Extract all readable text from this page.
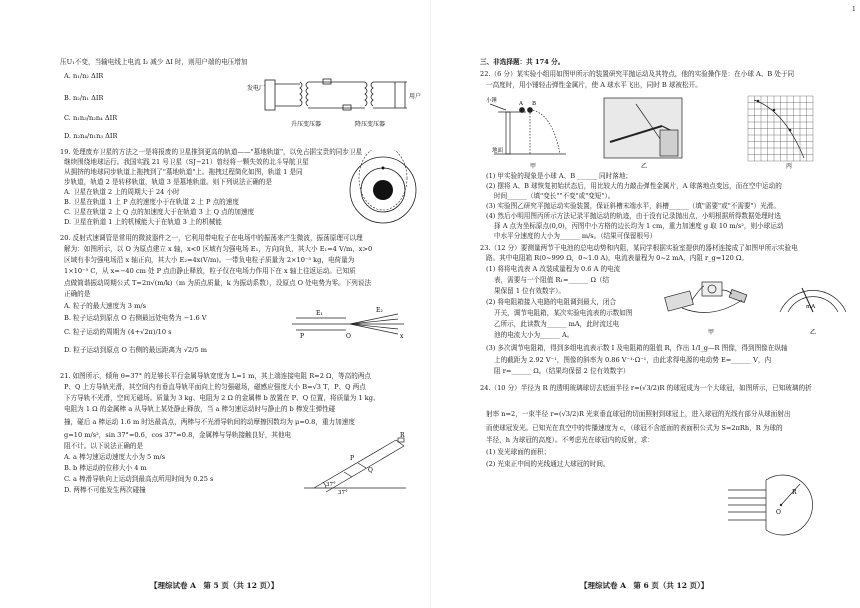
1
压U₁不变，当输电线上电流 I₂ 减少 ΔI 时，则用户端的电压增加
A. n₁/n₂ ΔIR
B. n₂/n₁ ΔIR
C. n₁n₃/n₂n₄ ΔIR
D. n₂n₄/n₁n₃ ΔIR
发电厂
升压变压器	降压变压器
用户
19. 处理废弃卫星的方法之一是将报废的卫星推到更高的轨道——"墓地轨道"，以免占据宝贵的同步卫星
继续围绕地球运行。我国实践 21 号卫星（SJ−21）曾经将一颗失效的北斗导航卫星
从拥挤的地球同步轨道上拖拽到了"墓地轨道"上。拖拽过程简化如图，轨道 1 是同
步轨道，轨道 2 是转移轨道，轨道 3 是墓地轨道。则下列说法正确的是
A. 卫星在轨道 2 上的周期大于 24 小时
B. 卫星在轨道 1 上 P 点的速度小于在轨道 2 上 P 点的速度
C. 卫星在轨道 2 上 Q 点的加速度大于在轨道 3 上 Q 点的加速度
D. 卫星在轨道 1 上的机械能大于在轨道 3 上的机械能
20. 反射式速调管是常用的微波器件之一，它利用带电粒子在电场中的振荡来产生微波，振荡原理可以理
解为：如图所示，以 O 为原点建立 x 轴，x<0 区域有匀强电场 E₁，方向向负，其大小 E₁=4 V/m，x>0
区域有非匀强电场沿 x 轴正向，其大小 E₂=4x(V/m)。一带负电粒子质量为 2×10⁻³ kg，电荷量为
1×10⁻⁵ C，从 x=−40 cm 处 P 点由静止释放，粒子仅在电场力作用下在 x 轴上往返运动。已知质
点做简谐振动周期公式 T=2π√(m/k)（m 为质点质量，k 为振动系数），设原点 O 处电势为零。下列说法
正确的是
A. 粒子的最大速度为 3 m/s
B. 粒子运动到原点 O 右侧最远处电势为 −1.6 V
C. 粒子运动的周期为 (4+√2π)/10 s
D. 粒子运动到原点 O 右侧的最远距离为 √2/5 m
E₁	E₂
P	O	x
21. 如图所示，倾角 θ=37° 的足够长平行金属导轨宽度为 L=1 m，其上端连接电阻 R=2 Ω，等高的两点
P、Q 上方导轨光滑，其空间内有垂直导轨平面向上的匀强磁场，磁感应强度大小 B=√3 T，P、Q 两点
下方导轨不光滑，空间无磁场。质量为 3 kg、电阻为 2 Ω 的金属棒 b 放置在 P、Q 位置，将质量为 1 kg、
电阻为 1 Ω 的金属棒 a 从导轨上某处静止释放，当 a 棒匀速运动时与静止的 b 棒发生弹性碰
撞，碰后 a 棒运动 1.6 m 时达最高点，两棒与不光滑导轨间的动摩擦因数均为 μ=0.8，重力加速度
g=10 m/s²，sin 37°=0.6，cos 37°=0.8，金属棒与导轨接触良好，其他电
阻不计。以下说法正确的是
A. a 棒匀速运动速度大小为 5 m/s
B. b 棒运动的位移大小 4 m
C. a 棒滑导轨向上运动到最高点所用时间为 0.25 s
D. 两棒不可能发生两次碰撞
R
P
Q
37°
37°
【理综试卷 A　第 5 页（共 12 页）】
三、非选择题：共 174 分。
22.（6 分）某实验小组用如图甲所示的装置研究平抛运动及其特点，他的实验操作是：在小球 A、B 处于同
一高度时，用小锤轻击弹性金属片，使 A 球水平飞出，同时 B 球被松开。
地面
小锤	A B
甲	乙	丙
(1) 甲实验的现象是小球 A、B ______ 同时落地；
(2) 摆将 A、B 球恢复初始状态后，用比较大的力敲击弹性金属片，A 球落地点变远，而在空中运动的
时间______（填"变长""不变"或"变短"）。
(3) 实验图乙研究平抛运动实验装置，保证斜槽末端水平，斜槽______（填"需要"或"不需要"）光滑。
(4) 然后小明用图丙所示方法记录平抛运动的轨迹，由于没有记录抛出点，小明根据所得数据处理时选
择 A 点为坐标原点(0,0)，丙图中小方格的边长均为 1 cm，重力加速度 g 取 10 m/s²，则小球运动
中水平分速度的大小为______ m/s。（结果可保留根号）
23.（12 分）要测量两节干电池的总电动势和内阻，某同学根据实验室提供的器材连接成了如图甲所示实验电
路。其中电阻箱 R(0~999 Ω，0~1.0 A)，电流表量程为 0~2 mA，内阻 r_g=120 Ω。
(1) 将将电流表 A 改装成量程为 0.6 A 的电流
表，需要与一个阻值 R₁=______ Ω（结
果保留 1 位有效数字）。
(2) 将电阻箱接入电路的电阻调到最大，闭合
开关，调节电阻箱，某次实验电流表的示数如图
乙所示，此读数为______ mA，此时流过电
池的电流大小为______ A。
mA
甲	乙
(3) 多次调节电阻箱，得到多组电流表示数 I 及电阻箱的阻值 R，作出 1/I_g—R 图像，得到图像在纵轴
上的截距为 2.92 V⁻¹，图像的斜率为 0.86 V⁻¹·Ω⁻¹，由此求得电源的电动势 E=______ V，内
阻 r=______ Ω。（结果均保留 2 位有效数字）
24.（10 分）半径为 R 的透明玻璃球切去底面半径 r=(√3/2)R 的球冠成为一个大球冠，如图所示，已知玻璃的折
射率 n=2，一束半径 r=(√3/2)R 光束垂直球冠的切面照射到球冠上，进入球冠的光线有部分从球面射出
而使球冠发光。已知光在真空中的传播速度为 c，（球冠不含底面的表面积公式为 S=2πRh，R 为球的
半径，h 为球冠的高度）。不考虑光在球冠内的反射，求：
(1) 发光球面的面积；
(2) 光束正中间的光线通过大球冠的时间。
R
O
【理综试卷 A　第 6 页（共 12 页）】
